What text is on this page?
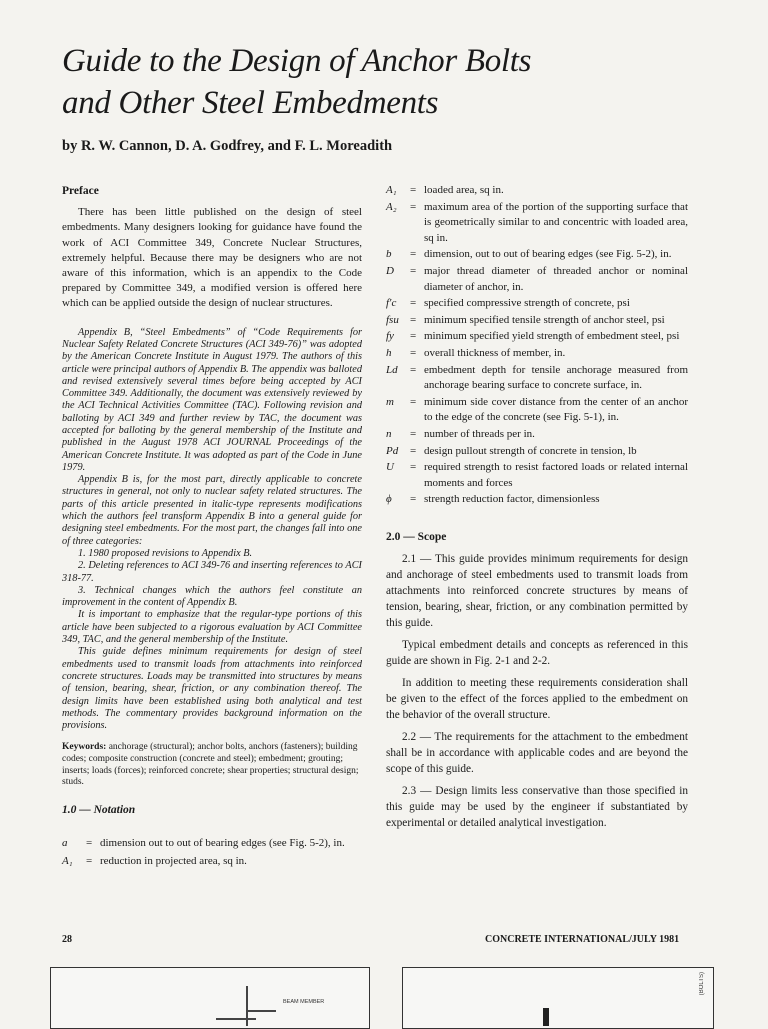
Guide to the Design of Anchor Bolts
and Other Steel Embedments
by R. W. Cannon, D. A. Godfrey, and F. L. Moreadith
Preface

There has been little published on the design of steel embedments. Many designers looking for guidance have found the work of ACI Committee 349, Concrete Nuclear Structures, extremely helpful. Because there may be designers who are not aware of this information, which is an appendix to the Code prepared by Committee 349, a modified version is offered here which can be applied outside the design of nuclear structures.

Appendix B, “Steel Embedments” of “Code Requirements for Nuclear Safety Related Concrete Structures (ACI 349-76)” was adopted by the American Concrete Institute in August 1979. The authors of this article were principal authors of Appendix B. The appendix was balloted and revised extensively several times before being accepted by ACI Committee 349. Additionally, the document was extensively reviewed by the ACI Technical Activities Committee (TAC). Following revision and balloting by ACI 349 and further review by TAC, the document was accepted for balloting by the general membership of the Institute and published in the August 1978 ACI JOURNAL Proceedings of the American Concrete Institute. It was adopted as part of the Code in June 1979.

Appendix B is, for the most part, directly applicable to concrete structures in general, not only to nuclear safety related structures. The parts of this article presented in italic-type represents modifications which the authors feel transform Appendix B into a general guide for designing steel embedments. For the most part, the changes fall into one of three categories:

1. 1980 proposed revisions to Appendix B.

2. Deleting references to ACI 349-76 and inserting references to ACI 318-77.

3. Technical changes which the authors feel constitute an improvement in the content of Appendix B.

It is important to emphasize that the regular-type portions of this article have been subjected to a rigorous evaluation by ACI Committee 349, TAC, and the general membership of the Institute.

This guide defines minimum requirements for design of steel embedments used to transmit loads from attachments into reinforced concrete structures. Loads may be transmitted into structures by means of tension, bearing, shear, friction, or any combination thereof. The design limits have been established using both analytical and test methods. The commentary provides background information on the provisions.

Keywords: anchorage (structural); anchor bolts, anchors (fasteners); building codes; composite construction (concrete and steel); embedment; grouting; inserts; loads (forces); reinforced concrete; shear properties; structural design; studs.

1.0 — Notation
a	= dimension out to out of bearing edges (see Fig. 5-2), in.
A₁	= reduction in projected area, sq in.
A₁	= loaded area, sq in.
A₂	= maximum area of the portion of the supporting surface that is geometrically similar to and concentric with loaded area, sq in.
b	= dimension, out to out of bearing edges (see Fig. 5-2), in.
D	= major thread diameter of threaded anchor or nominal diameter of anchor, in.
f′c	= specified compressive strength of concrete, psi
fsu	= minimum specified tensile strength of anchor steel, psi
fy	= minimum specified yield strength of embedment steel, psi
h	= overall thickness of member, in.
Ld	= embedment depth for tensile anchorage measured from anchorage bearing surface to concrete surface, in.
m	= minimum side cover distance from the center of an anchor to the edge of the concrete (see Fig. 5-1), in.
n	= number of threads per in.
Pd	= design pullout strength of concrete in tension, lb
U	= required strength to resist factored loads or related internal moments and forces
ϕ	= strength reduction factor, dimensionless
2.0 — Scope

2.1 — This guide provides minimum requirements for design and anchorage of steel embedments used to transmit loads from attachments into reinforced concrete structures by means of tension, bearing, shear, friction, or any combination permitted by this guide.

Typical embedment details and concepts as referenced in this guide are shown in Fig. 2-1 and 2-2.

In addition to meeting these requirements consideration shall be given to the effect of the forces applied to the embedment on the behavior of the overall structure.

2.2 — The requirements for the attachment to the embedment shall be in accordance with applicable codes and are beyond the scope of this guide.

2.3 — Design limits less conservative than those specified in this guide may be used by the engineer if substantiated by experimental or detailed analytical investigation.

28	CONCRETE INTERNATIONAL/JULY 1981
BEAM MEMBER
(BOLTS)
